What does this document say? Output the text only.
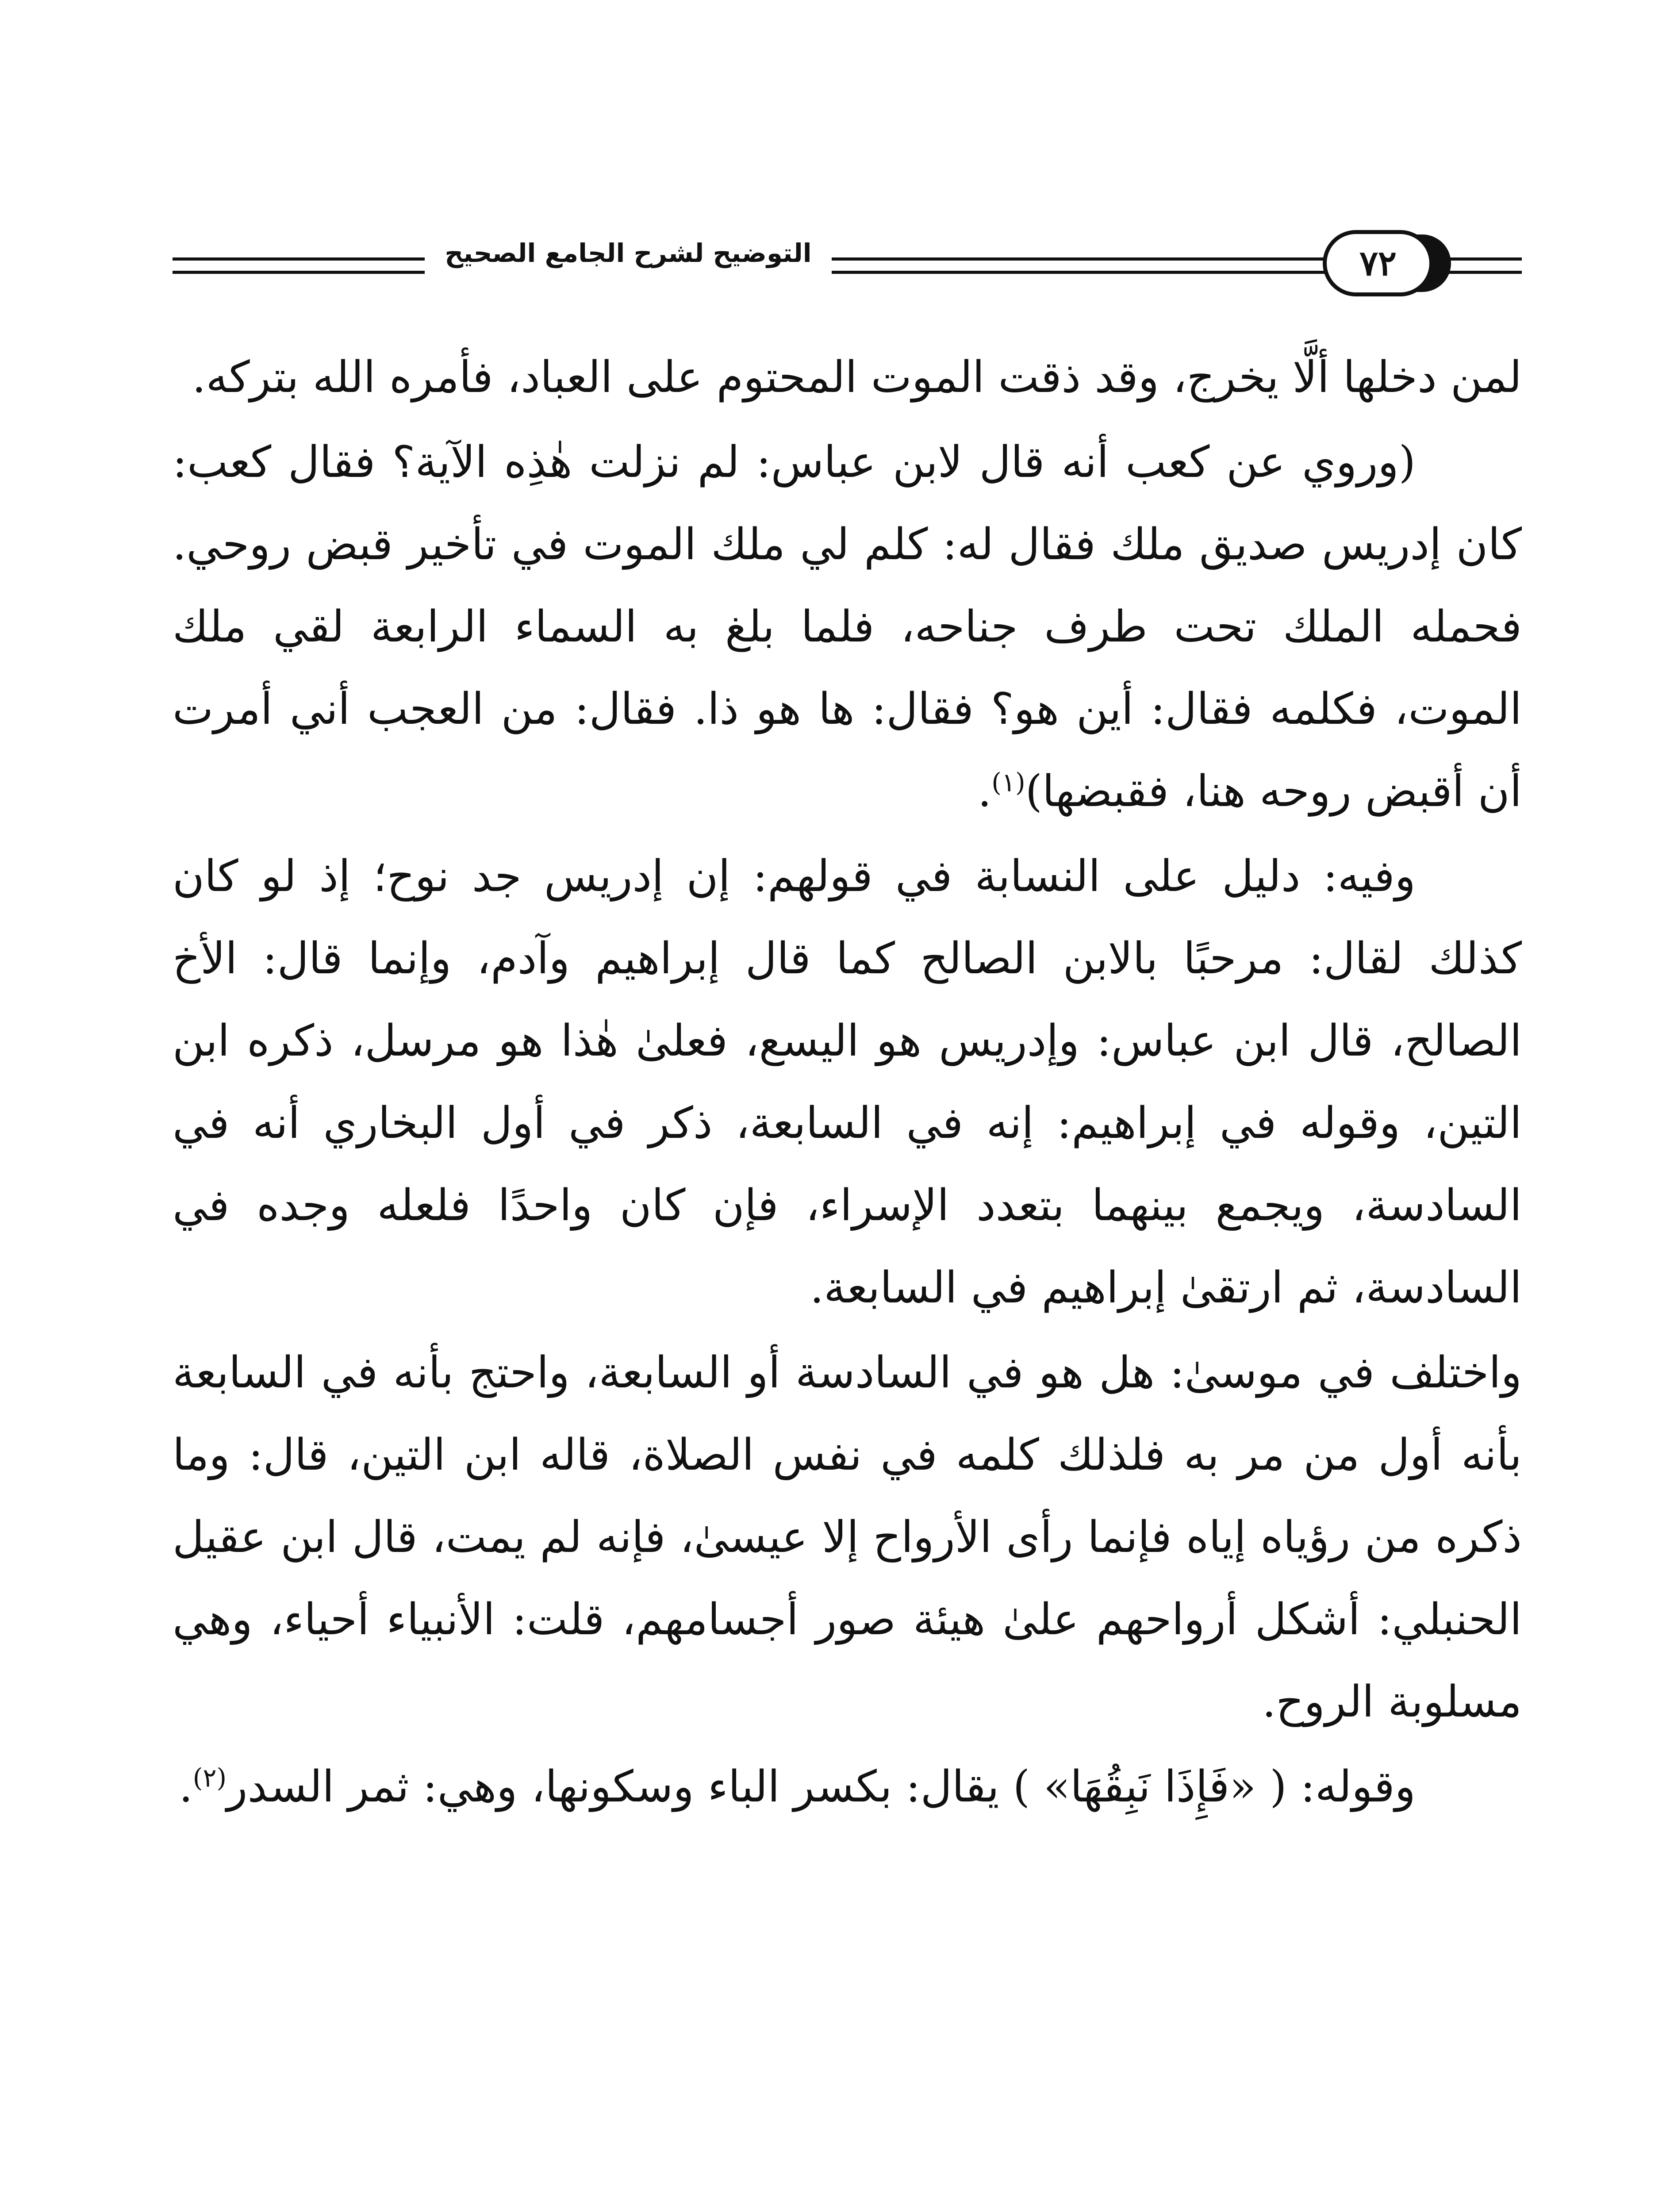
التوضيح لشرح الجامع الصحيح	٧٢

لمن دخلها ألَّا يخرج، وقد ذقت الموت المحتوم على العباد، فأمره الله بتركه.

(وروي عن كعب أنه قال لابن عباس: لم نزلت هٰذِه الآية؟ فقال كعب: كان إدريس صديق ملك فقال له: كلم لي ملك الموت في تأخير قبض روحي. فحمله الملك تحت طرف جناحه، فلما بلغ به السماء الرابعة لقي ملك الموت، فكلمه فقال: أين هو؟ فقال: ها هو ذا. فقال: من العجب أني أمرت أن أقبض روحه هنا، فقبضها)$^{(١)}$.

وفيه: دليل على النسابة في قولهم: إن إدريس جد نوح؛ إذ لو كان كذلك لقال: مرحبًا بالابن الصالح كما قال إبراهيم وآدم، وإنما قال: الأخ الصالح، قال ابن عباس: وإدريس هو اليسع، فعلىٰ هٰذا هو مرسل، ذكره ابن التين، وقوله في إبراهيم: إنه في السابعة، ذكر في أول البخاري أنه في السادسة، ويجمع بينهما بتعدد الإسراء، فإن كان واحدًا فلعله وجده في السادسة، ثم ارتقىٰ إبراهيم في السابعة.

واختلف في موسىٰ: هل هو في السادسة أو السابعة، واحتج بأنه في السابعة بأنه أول من مر به فلذلك كلمه في نفس الصلاة، قاله ابن التين، قال: وما ذكره من رؤياه إياه فإنما رأى الأرواح إلا عيسىٰ، فإنه لم يمت، قال ابن عقيل الحنبلي: أشكل أرواحهم علىٰ هيئة صور أجسامهم، قلت: الأنبياء أحياء، وهي مسلوبة الروح.

وقوله: ( «فَإِذَا نَبِقُهَا» ) يقال: بكسر الباء وسكونها، وهي: ثمر السدر$^{(٢)}$.
